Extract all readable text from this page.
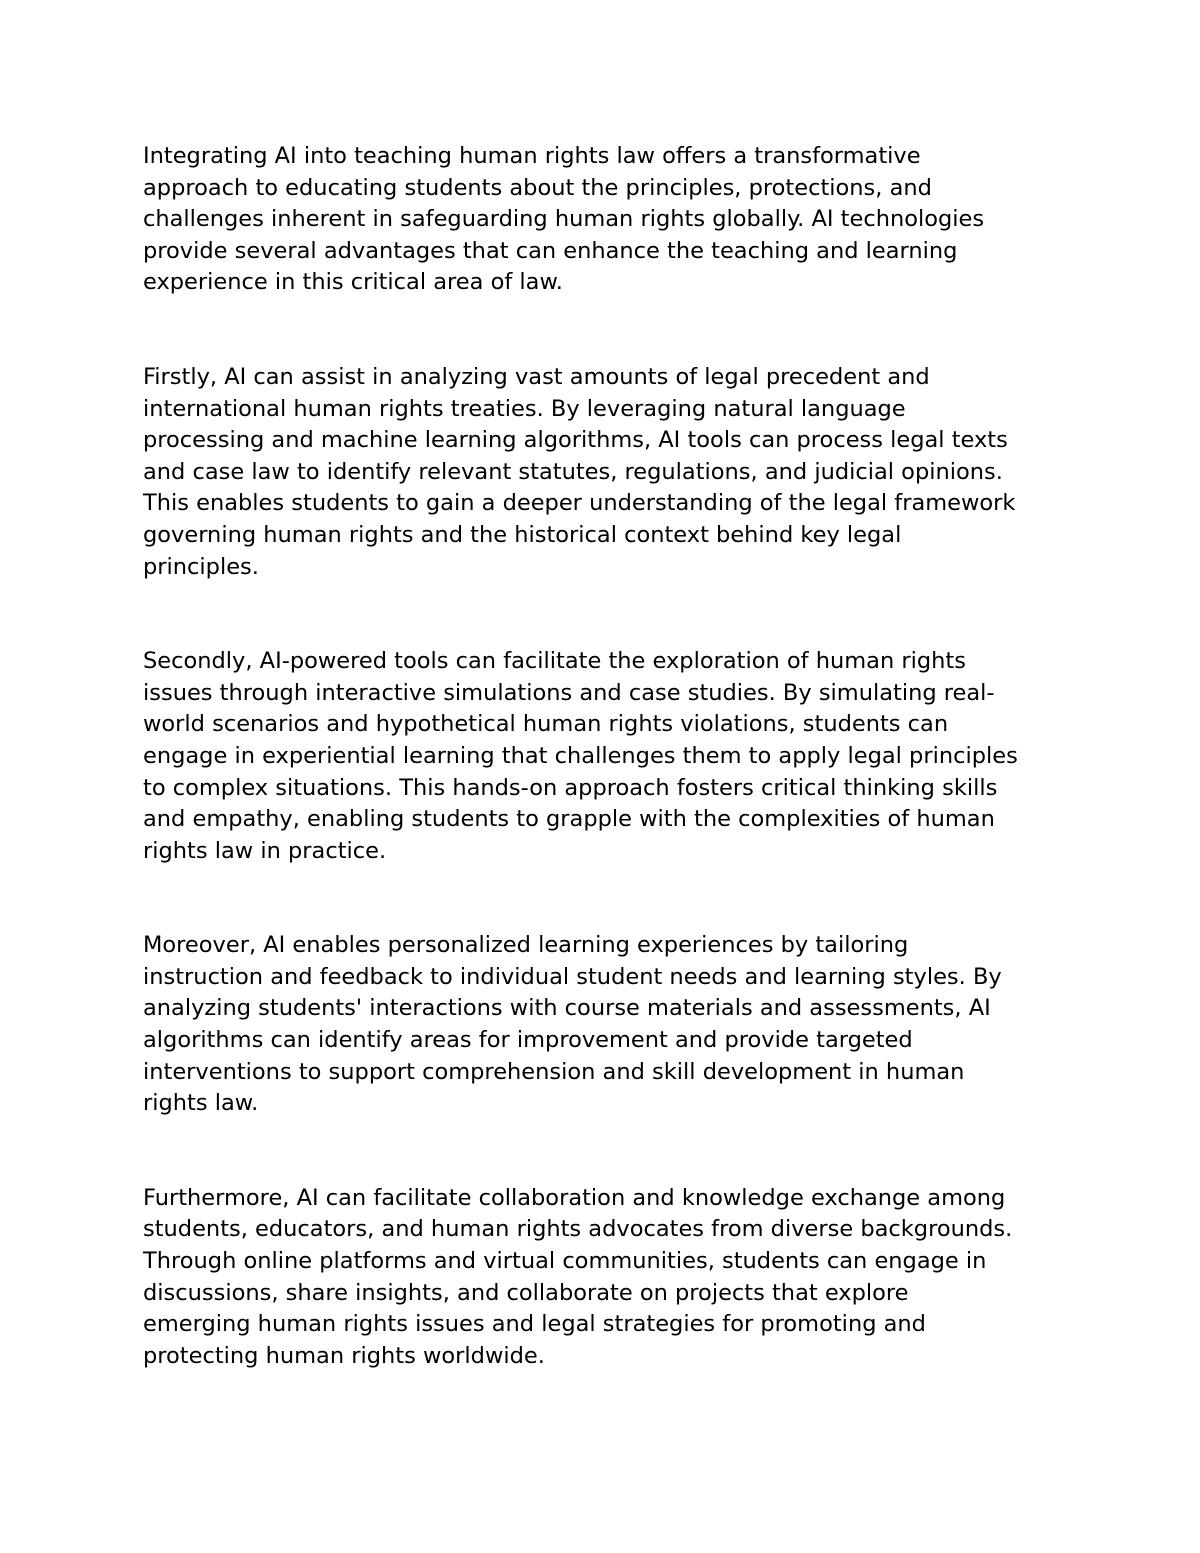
Integrating AI into teaching human rights law offers a transformative
approach to educating students about the principles, protections, and
challenges inherent in safeguarding human rights globally. AI technologies
provide several advantages that can enhance the teaching and learning
experience in this critical area of law.

Firstly, AI can assist in analyzing vast amounts of legal precedent and
international human rights treaties. By leveraging natural language
processing and machine learning algorithms, AI tools can process legal texts
and case law to identify relevant statutes, regulations, and judicial opinions.
This enables students to gain a deeper understanding of the legal framework
governing human rights and the historical context behind key legal
principles.

Secondly, AI-powered tools can facilitate the exploration of human rights
issues through interactive simulations and case studies. By simulating real-
world scenarios and hypothetical human rights violations, students can
engage in experiential learning that challenges them to apply legal principles
to complex situations. This hands-on approach fosters critical thinking skills
and empathy, enabling students to grapple with the complexities of human
rights law in practice.

Moreover, AI enables personalized learning experiences by tailoring
instruction and feedback to individual student needs and learning styles. By
analyzing students' interactions with course materials and assessments, AI
algorithms can identify areas for improvement and provide targeted
interventions to support comprehension and skill development in human
rights law.

Furthermore, AI can facilitate collaboration and knowledge exchange among
students, educators, and human rights advocates from diverse backgrounds.
Through online platforms and virtual communities, students can engage in
discussions, share insights, and collaborate on projects that explore
emerging human rights issues and legal strategies for promoting and
protecting human rights worldwide.
